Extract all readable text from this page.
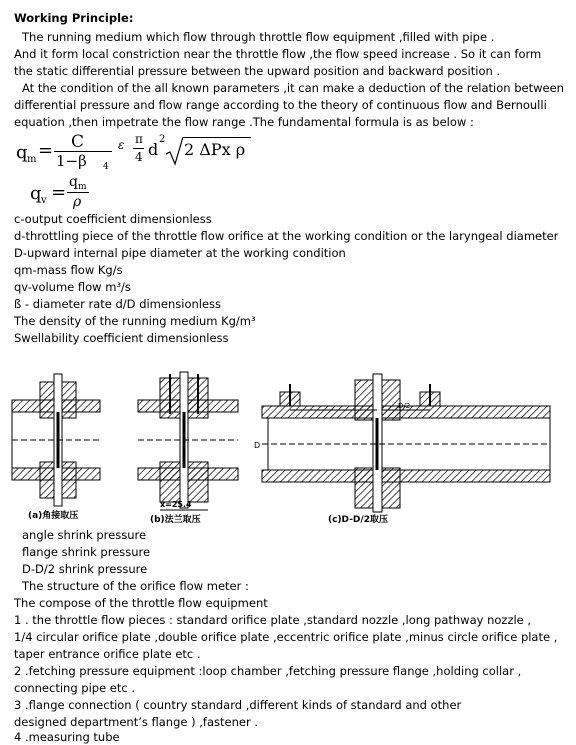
Working Principle:
The running medium which flow through throttle flow equipment ,filled with pipe .
And it form local constriction near the throttle flow ,the flow speed increase . So it can form
the static differential pressure between the upward position and backward position .
At the condition of the all known parameters ,it can make a deduction of the relation between
differential pressure and flow range according to the theory of continuous flow and Bernoulli
equation ,then impetrate the flow range .The fundamental formula is as below :
q m = C
1−β 4
ε π
4 d
2
2 ΔPx ρ
q v = q m
ρ
c-output coefficient dimensionless
d-throttling piece of the throttle flow orifice at the working condition or the laryngeal diameter
D-upward internal pipe diameter at the working condition
qm-mass flow Kg/s
qv-volume flow m³/s
ß - diameter rate d/D dimensionless
The density of the running medium Kg/m³
Swellability coefficient dimensionless
(a)角接取压
x=25.4
(b)法兰取压
D
D/2
(c)D-D/2取压
angle shrink pressure
flange shrink pressure
D-D/2 shrink pressure
The structure of the orifice flow meter :
The compose of the throttle flow equipment
1 . the throttle flow pieces : standard orifice plate ,standard nozzle ,long pathway nozzle ,
1/4 circular orifice plate ,double orifice plate ,eccentric orifice plate ,minus circle orifice plate ,
taper entrance orifice plate etc .
2 .fetching pressure equipment :loop chamber ,fetching pressure flange ,holding collar ,
connecting pipe etc .
3 .flange connection ( country standard ,different kinds of standard and other
designed department’s flange ) ,fastener .
4 .measuring tube
